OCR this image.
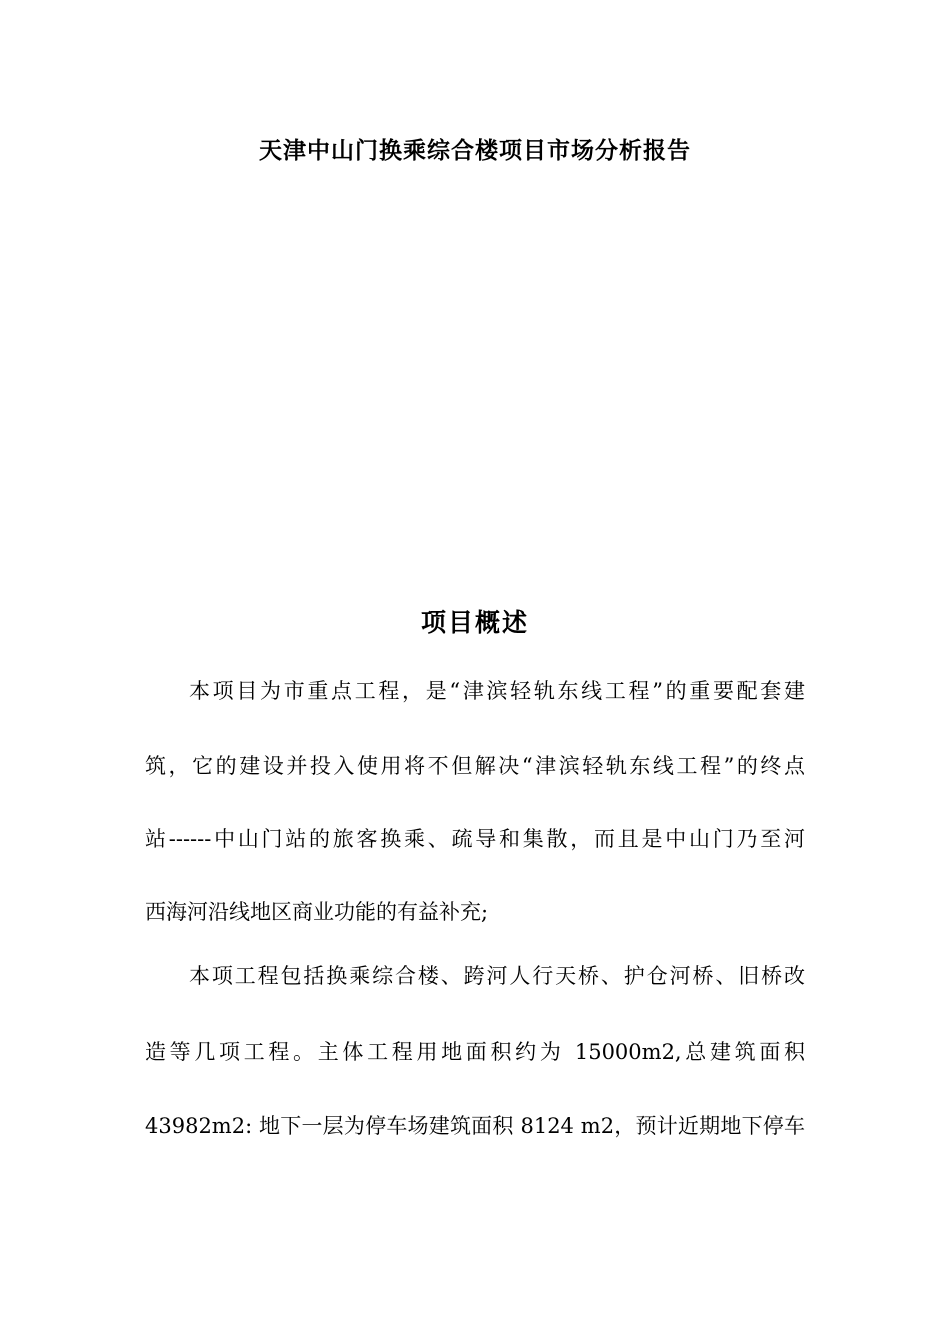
天津中山门换乘综合楼项目市场分析报告
项目概述

本项目为市重点工程，是“津滨轻轨东线工程”的重要配套建

筑，它的建设并投入使用将不但解决“津滨轻轨东线工程”的终点

站------中山门站的旅客换乘、疏导和集散，而且是中山门乃至河

西海河沿线地区商业功能的有益补充;

本项工程包括换乘综合楼、跨河人行天桥、护仓河桥、旧桥改

造等几项工程。主体工程用地面积约为 15000m2,总建筑面积

43982m2: 地下一层为停车场建筑面积 8124 m2，预计近期地下停车
